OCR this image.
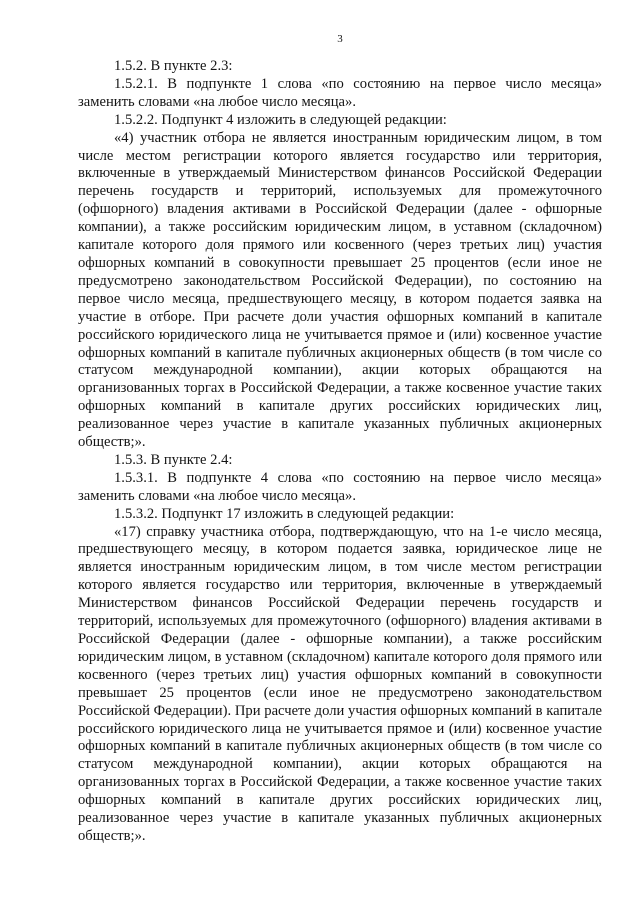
3

1.5.2. В пункте 2.3:

1.5.2.1. В подпункте 1 слова «по состоянию на первое число месяца» заменить словами «на любое число месяца».

1.5.2.2. Подпункт 4 изложить в следующей редакции:

«4) участник отбора не является иностранным юридическим лицом, в том числе местом регистрации которого является государство или территория, включенные в утверждаемый Министерством финансов Российской Федерации перечень государств и территорий, используемых для промежуточного (офшорного) владения активами в Российской Федерации (далее - офшорные компании), а также российским юридическим лицом, в уставном (складочном) капитале которого доля прямого или косвенного (через третьих лиц) участия офшорных компаний в совокупности превышает 25 процентов (если иное не предусмотрено законодательством Российской Федерации), по состоянию на первое число месяца, предшествующего месяцу, в котором подается заявка на участие в отборе. При расчете доли участия офшорных компаний в капитале российского юридического лица не учитывается прямое и (или) косвенное участие офшорных компаний в капитале публичных акционерных обществ (в том числе со статусом международной компании), акции которых обращаются на организованных торгах в Российской Федерации, а также косвенное участие таких офшорных компаний в капитале других российских юридических лиц, реализованное через участие в капитале указанных публичных акционерных обществ;».

1.5.3. В пункте 2.4:

1.5.3.1. В подпункте 4 слова «по состоянию на первое число месяца» заменить словами «на любое число месяца».

1.5.3.2. Подпункт 17 изложить в следующей редакции:

«17) справку участника отбора, подтверждающую, что на 1-е число месяца, предшествующего месяцу, в котором подается заявка, юридическое лице не является иностранным юридическим лицом, в том числе местом регистрации которого является государство или территория, включенные в утверждаемый Министерством финансов Российской Федерации перечень государств и территорий, используемых для промежуточного (офшорного) владения активами в Российской Федерации (далее - офшорные компании), а также российским юридическим лицом, в уставном (складочном) капитале которого доля прямого или косвенного (через третьих лиц) участия офшорных компаний в совокупности превышает 25 процентов (если иное не предусмотрено законодательством Российской Федерации). При расчете доли участия офшорных компаний в капитале российского юридического лица не учитывается прямое и (или) косвенное участие офшорных компаний в капитале публичных акционерных обществ (в том числе со статусом международной компании), акции которых обращаются на организованных торгах в Российской Федерации, а также косвенное участие таких офшорных компаний в капитале других российских юридических лиц, реализованное через участие в капитале указанных публичных акционерных обществ;».
